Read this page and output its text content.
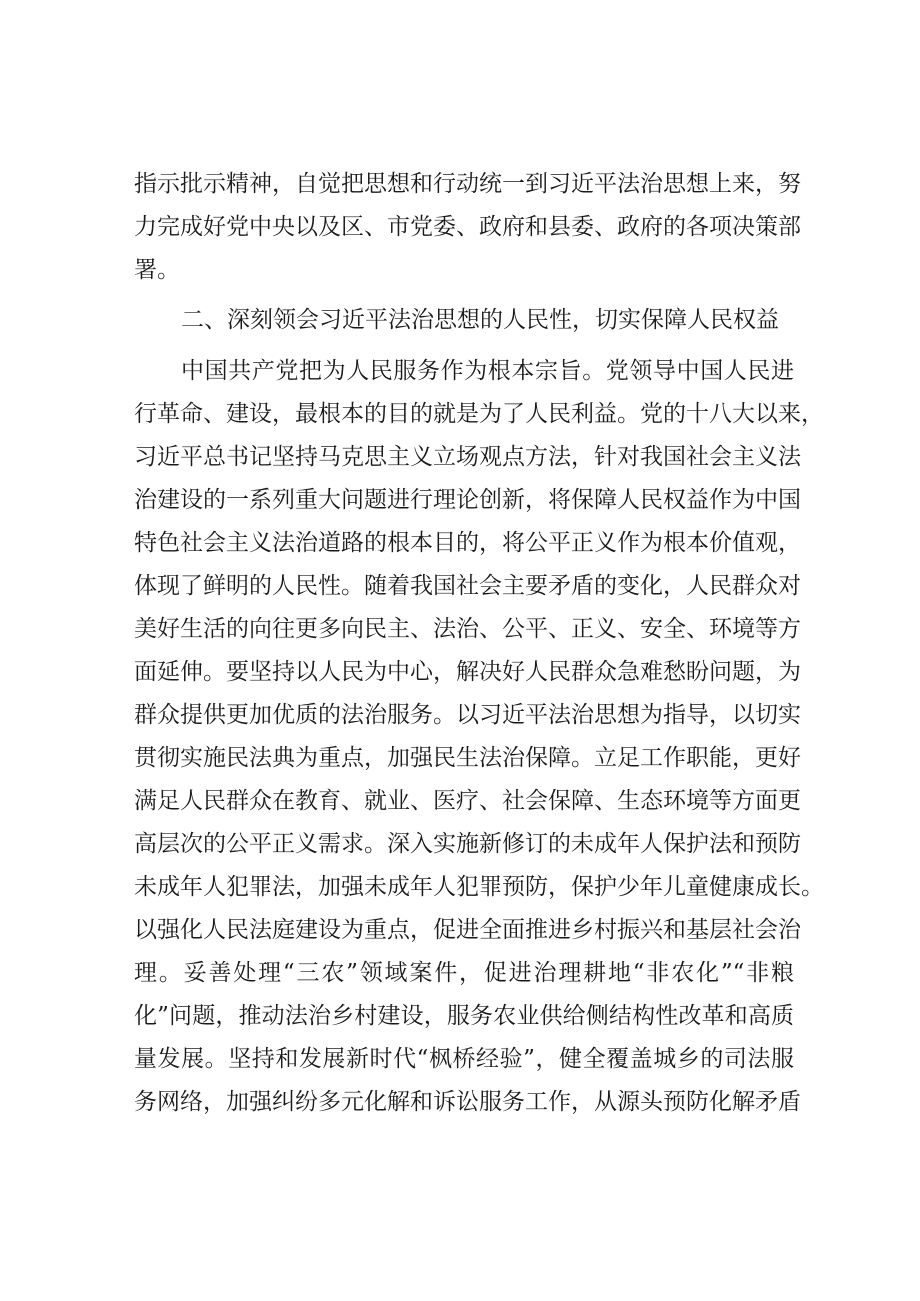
指示批示精神，自觉把思想和行动统一到习近平法治思想上来，努
力完成好党中央以及区、市党委、政府和县委、政府的各项决策部
署。
二、深刻领会习近平法治思想的人民性，切实保障人民权益
中国共产党把为人民服务作为根本宗旨。党领导中国人民进
行革命、建设，最根本的目的就是为了人民利益。党的十八大以来，
习近平总书记坚持马克思主义立场观点方法，针对我国社会主义法
治建设的一系列重大问题进行理论创新，将保障人民权益作为中国
特色社会主义法治道路的根本目的，将公平正义作为根本价值观，
体现了鲜明的人民性。随着我国社会主要矛盾的变化，人民群众对
美好生活的向往更多向民主、法治、公平、正义、安全、环境等方
面延伸。要坚持以人民为中心，解决好人民群众急难愁盼问题，为
群众提供更加优质的法治服务。以习近平法治思想为指导，以切实
贯彻实施民法典为重点，加强民生法治保障。立足工作职能，更好
满足人民群众在教育、就业、医疗、社会保障、生态环境等方面更
高层次的公平正义需求。深入实施新修订的未成年人保护法和预防
未成年人犯罪法，加强未成年人犯罪预防，保护少年儿童健康成长。
以强化人民法庭建设为重点，促进全面推进乡村振兴和基层社会治
理。妥善处理“三农”领域案件，促进治理耕地“非农化”“非粮
化”问题，推动法治乡村建设，服务农业供给侧结构性改革和高质
量发展。坚持和发展新时代“枫桥经验”，健全覆盖城乡的司法服
务网络，加强纠纷多元化解和诉讼服务工作，从源头预防化解矛盾
